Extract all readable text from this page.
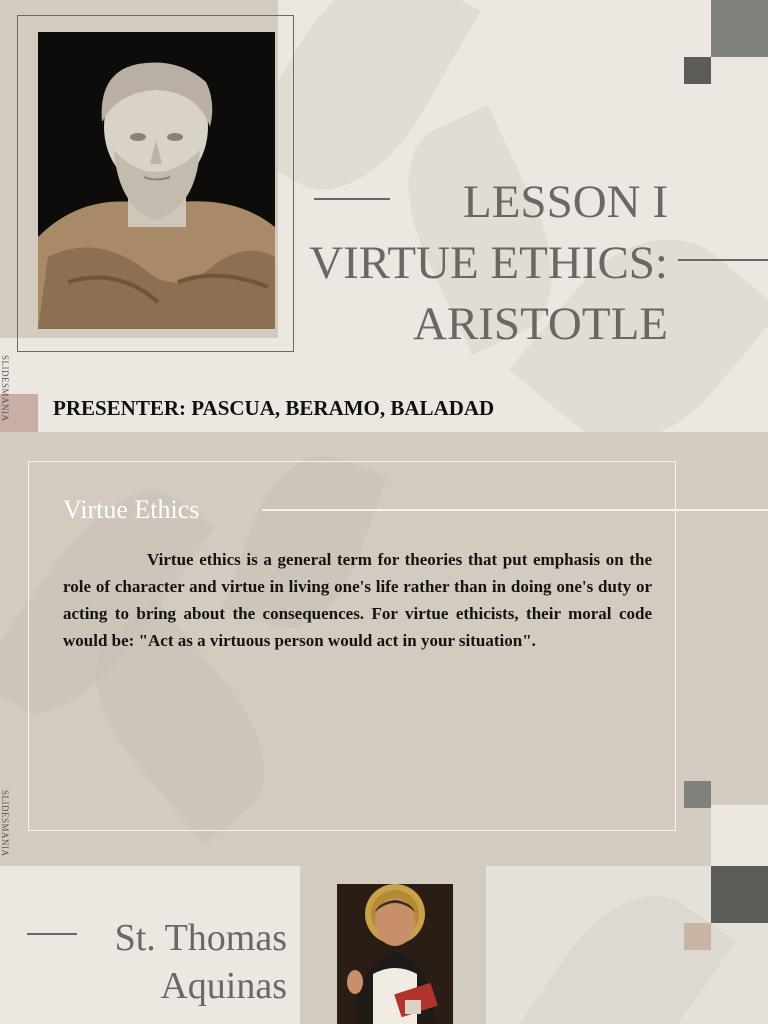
LESSON I
VIRTUE ETHICS:
ARISTOTLE
SLIDESMANIA PRESENTER: PASCUA, BERAMO, BALADAD
Virtue Ethics
Virtue ethics is a general term for theories that put emphasis on the role of character and virtue in living one's life rather than in doing one's duty or acting to bring about the consequences. For virtue ethicists, their moral code would be: "Act as a virtuous person would act in your situation".
SLIDESMANIA
St. Thomas
Aquinas
